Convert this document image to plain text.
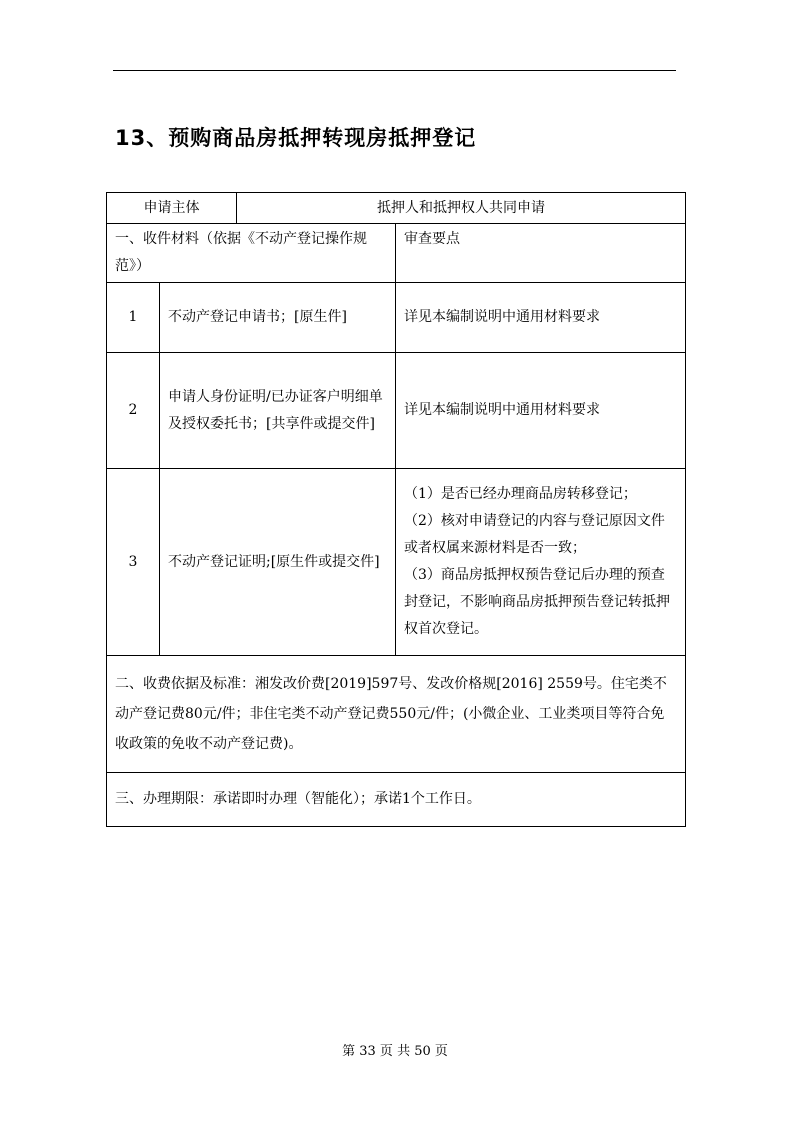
13、预购商品房抵押转现房抵押登记
申请主体		抵押人和抵押权人共同申请	
一、收件材料（依据《不动产登记操作规范》）			审查要点
1	不动产登记申请书；[原生件]		详见本编制说明中通用材料要求
2	申请人身份证明/已办证客户明细单及授权委托书；[共享件或提交件]		详见本编制说明中通用材料要求
3	不动产登记证明;[原生件或提交件]		（1）是否已经办理商品房转移登记；

（2）核对申请登记的内容与登记原因文件或者权属来源材料是否一致；

（3）商品房抵押权预告登记后办理的预查封登记，不影响商品房抵押预告登记转抵押权首次登记。

二、收费依据及标准：湘发改价费[2019]597号、发改价格规[2016] 2559号。住宅类不动产登记费80元/件；非住宅类不动产登记费550元/件；(小微企业、工业类项目等符合免收政策的免收不动产登记费)。			
三、办理期限：承诺即时办理（智能化）；承诺1个工作日。			
第 33 页 共 50 页
